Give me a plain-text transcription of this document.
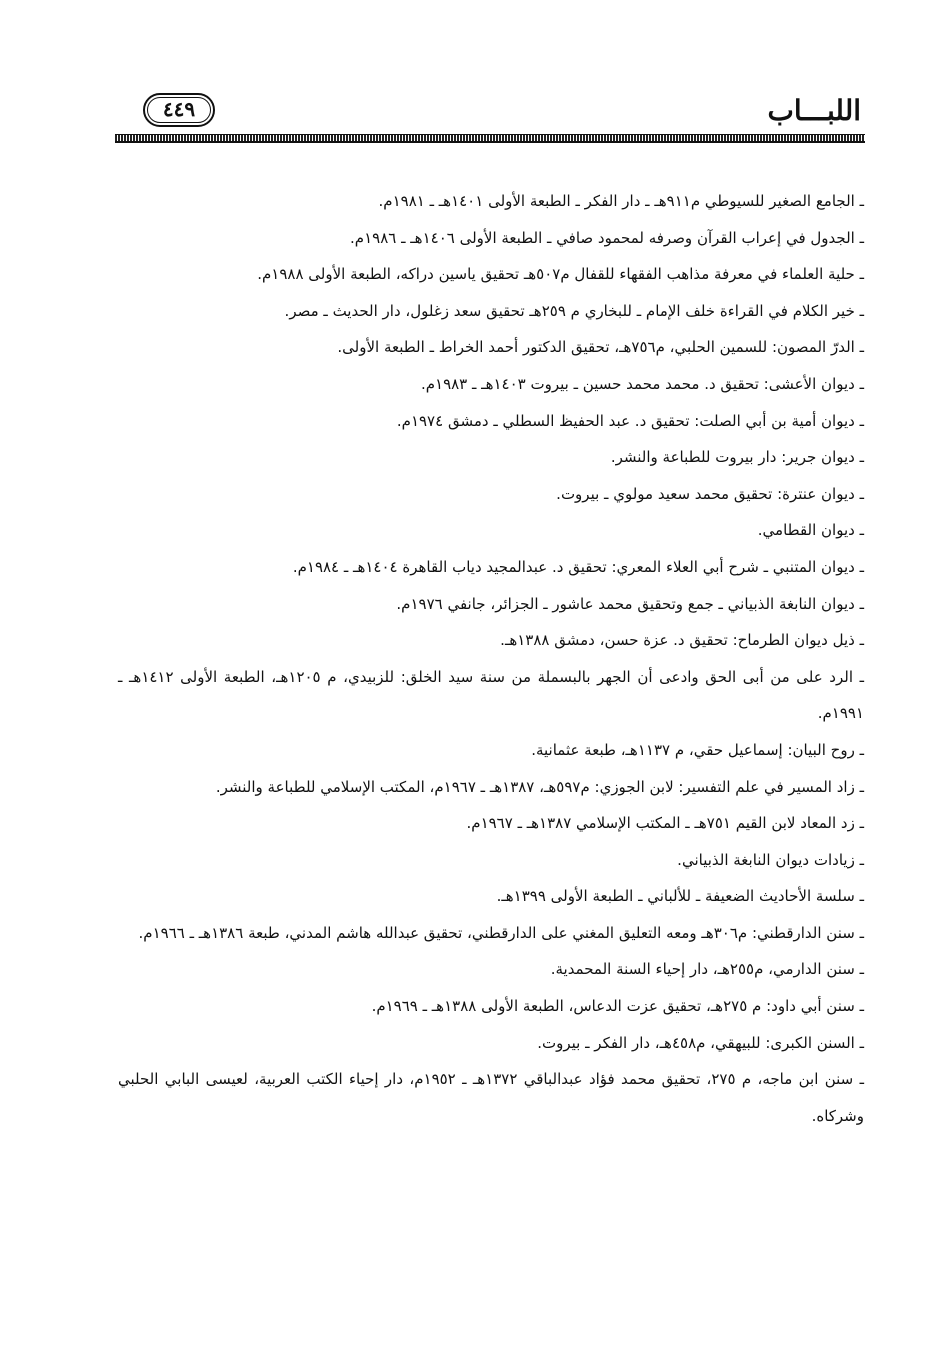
اللبـــاب
٤٤٩

ـ الجامع الصغير للسيوطي م٩١١هـ ـ دار الفكر ـ الطبعة الأولى ١٤٠١هـ ـ ١٩٨١م.

ـ الجدول في إعراب القرآن وصرفه لمحمود صافي ـ الطبعة الأولى ١٤٠٦هـ ـ ١٩٨٦م.

ـ حلية العلماء في معرفة مذاهب الفقهاء للقفال م٥٠٧هـ تحقيق ياسين دراكه، الطبعة الأولى ١٩٨٨م.

ـ خير الكلام في القراءة خلف الإمام ـ للبخاري م ٢٥٩هـ تحقيق سعد زغلول، دار الحديث ـ مصر.

ـ الدرّ المصون: للسمين الحلبي، م٧٥٦هـ، تحقيق الدكتور أحمد الخراط ـ الطبعة الأولى.

ـ ديوان الأعشى: تحقيق د. محمد محمد حسين ـ بيروت ١٤٠٣هـ ـ ١٩٨٣م.

ـ ديوان أمية بن أبي الصلت: تحقيق د. عبد الحفيظ السطلي ـ دمشق ١٩٧٤م.

ـ ديوان جرير: دار بيروت للطباعة والنشر.

ـ ديوان عنترة: تحقيق محمد سعيد مولوي ـ بيروت.

ـ ديوان القطامي.

ـ ديوان المتنبي ـ شرح أبي العلاء المعري: تحقيق د. عبدالمجيد دياب القاهرة ١٤٠٤هـ ـ ١٩٨٤م.

ـ ديوان النابغة الذبياني ـ جمع وتحقيق محمد عاشور ـ الجزائر، جانفي ١٩٧٦م.

ـ ذيل ديوان الطرماح: تحقيق د. عزة حسن، دمشق ١٣٨٨هـ.

ـ الرد على من أبى الحق وادعى أن الجهر بالبسملة من سنة سيد الخلق: للزبيدي، م ١٢٠٥هـ، الطبعة الأولى ١٤١٢هـ ـ ١٩٩١م.

ـ روح البيان: إسماعيل حقي، م ١١٣٧هـ، طبعة عثمانية.

ـ زاد المسير في علم التفسير: لابن الجوزي: م٥٩٧هـ، ١٣٨٧هـ ـ ١٩٦٧م، المكتب الإسلامي للطباعة والنشر.

ـ زد المعاد لابن القيم ٧٥١هـ ـ المكتب الإسلامي ١٣٨٧هـ ـ ١٩٦٧م.

ـ زيادات ديوان النابغة الذبياني.

ـ سلسة الأحاديث الضعيفة ـ للألباني ـ الطبعة الأولى ١٣٩٩هـ.

ـ سنن الدارقطني: م٣٠٦هـ ومعه التعليق المغني على الدارقطني، تحقيق عبدالله هاشم المدني، طبعة ١٣٨٦هـ ـ ١٩٦٦م.

ـ سنن الدارمي، م٢٥٥هـ، دار إحياء السنة المحمدية.

ـ سنن أبي داود: م ٢٧٥هـ، تحقيق عزت الدعاس، الطبعة الأولى ١٣٨٨هـ ـ ١٩٦٩م.

ـ السنن الكبرى: للبيهقي، م٤٥٨هـ، دار الفكر ـ بيروت.

ـ سنن ابن ماجه، م ٢٧٥، تحقيق محمد فؤاد عبدالباقي ١٣٧٢هـ ـ ١٩٥٢م، دار إحياء الكتب العربية، لعيسى البابي الحلبي وشركاه.
